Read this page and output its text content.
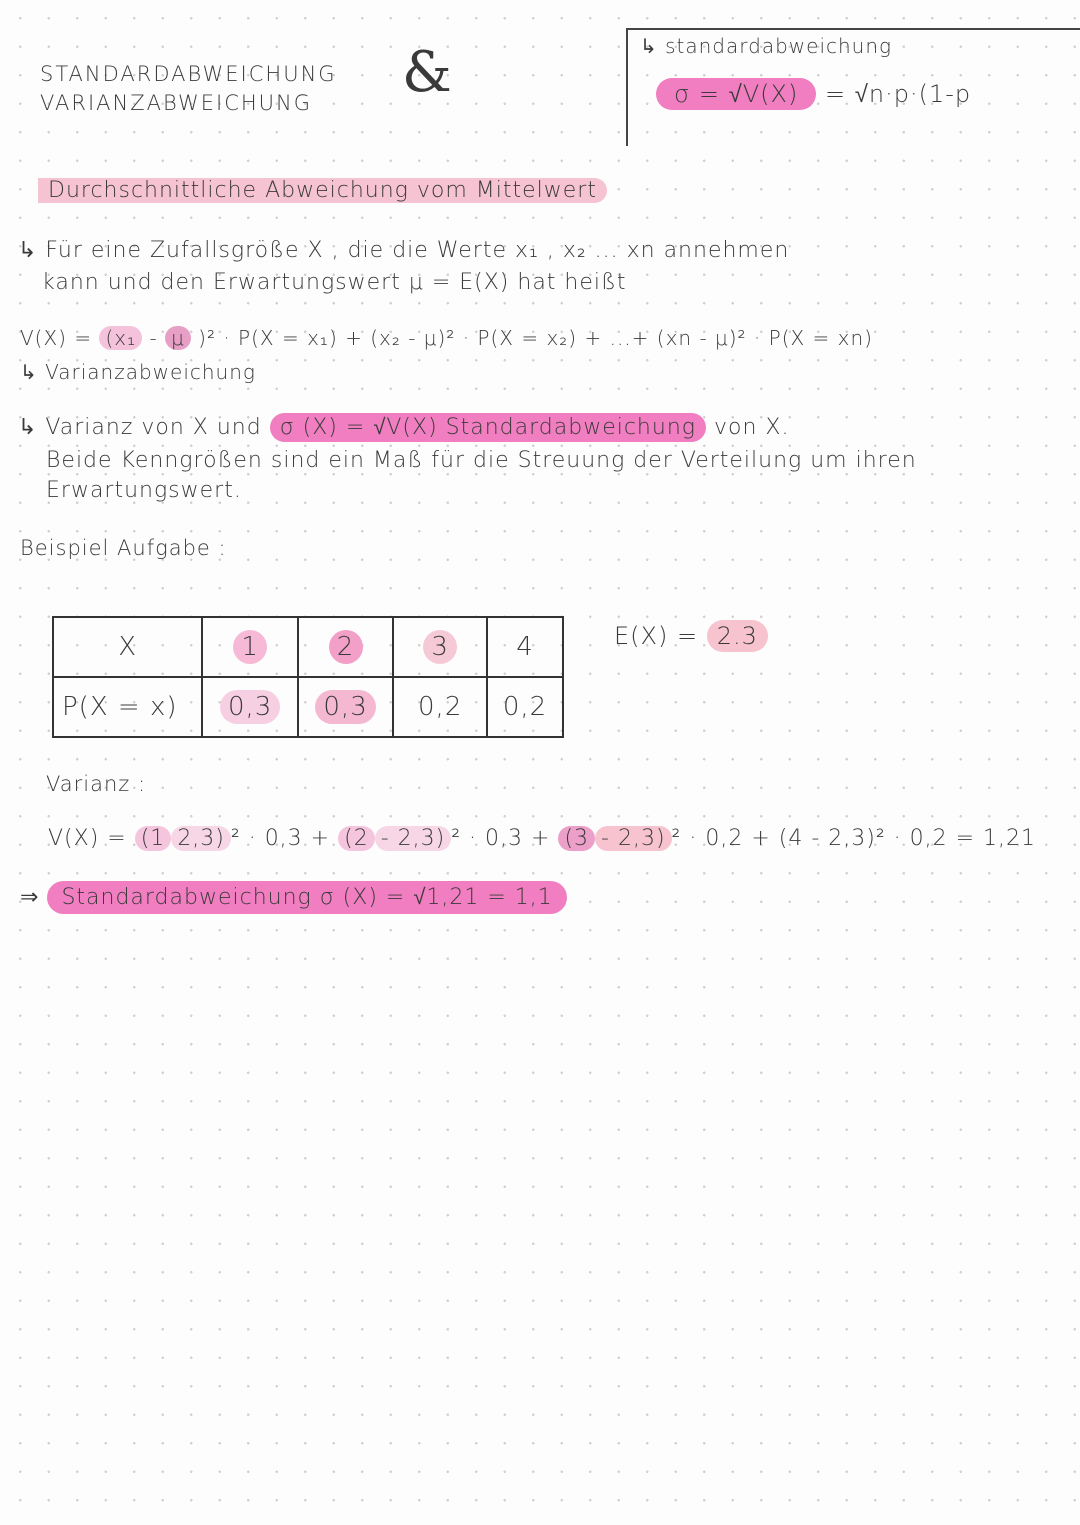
STANDARDABWEICHUNG
VARIANZABWEICHUNG	&	↳ standardabweichung
σ = √V(X) = √n·p·(1-p
Durchschnittliche Abweichung vom Mittelwert
↳ Für eine Zufallsgröße X , die die Werte x₁ , x₂ ... xn annehmen
kann und den Erwartungswert μ = E(X) hat heißt
V(X) = (x₁ - μ )² · P(X = x₁) + (x₂ - μ)² · P(X = x₂) + ...+ (xn - μ)² · P(X = xn)
↳ Varianzabweichung
↳ Varianz von X und σ (X) = √V(X) Standardabweichung von X.
Beide Kenngrößen sind ein Maß für die Streuung der Verteilung um ihren
Erwartungswert.
Beispiel Aufgabe :
X	1	2	3	4
P(X = x)	0,3	0,3	0,2	0,2
E(X) = 2.3
Varianz :
V(X) = (1 2,3) ² · 0,3 + (2 - 2,3) ² · 0,3 + (3 - 2,3) ² · 0,2 + (4 - 2,3)² · 0,2 = 1,21
⇒ Standardabweichung σ (X) = √1,21 = 1,1
